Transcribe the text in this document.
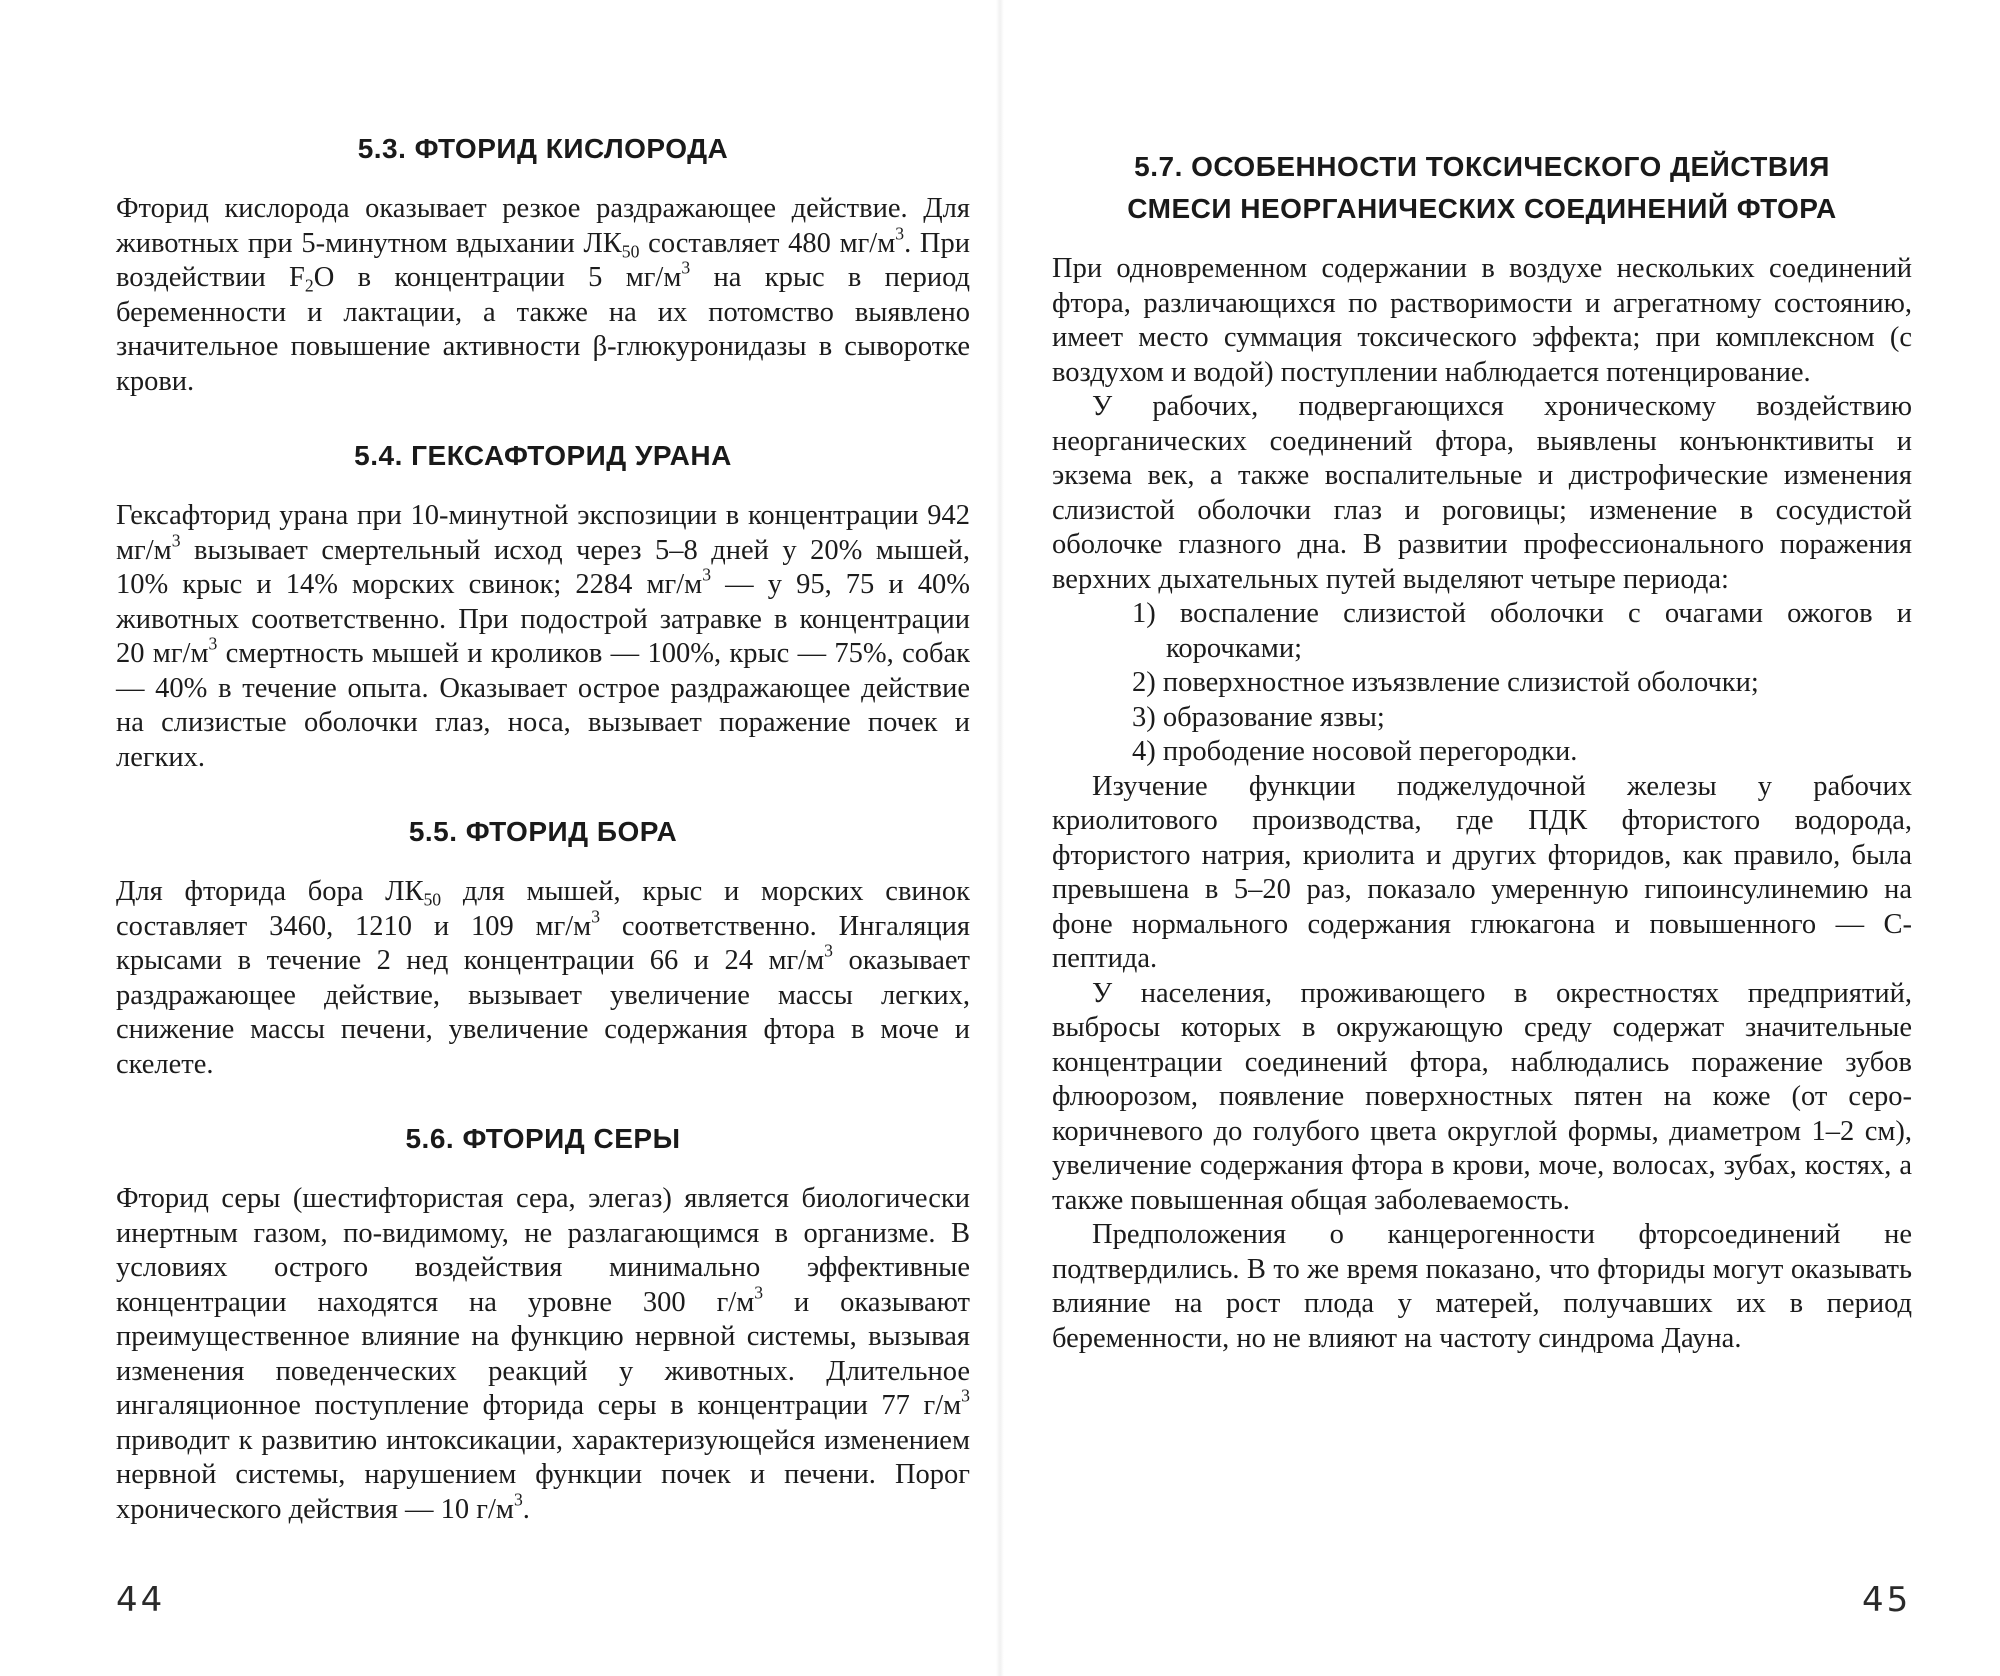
5.3. ФТОРИД КИСЛОРОДА

Фторид кислорода оказывает резкое раздражающее действие. Для животных при 5-минутном вдыхании $ЛК_{50}$ составляет 480 $мг/м^3$. При воздействии $F_2O$ в концентрации 5 $мг/м^3$ на крыс в период беременности и лактации, а также на их потомство выявлено значительное повышение активности β-глюкуронидазы в сыворотке крови.

5.4. ГЕКСАФТОРИД УРАНА

Гексафторид урана при 10-минутной экспозиции в концентрации 942 $мг/м^3$ вызывает смертельный исход через 5–8 дней у 20% мышей, 10% крыс и 14% морских свинок; 2284 $мг/м^3$ — у 95, 75 и 40% животных соответственно. При подострой затравке в концентрации 20 $мг/м^3$ смертность мышей и кроликов — 100%, крыс — 75%, собак — 40% в течение опыта. Оказывает острое раздражающее действие на слизистые оболочки глаз, носа, вызывает поражение почек и легких.

5.5. ФТОРИД БОРА

Для фторида бора $ЛК_{50}$ для мышей, крыс и морских свинок составляет 3460, 1210 и 109 $мг/м^3$ соответственно. Ингаляция крысами в течение 2 нед концентрации 66 и 24 $мг/м^3$ оказывает раздражающее действие, вызывает увеличение массы легких, снижение массы печени, увеличение содержания фтора в моче и скелете.

5.6. ФТОРИД СЕРЫ

Фторид серы (шестифтористая сера, элегаз) является биологически инертным газом, по-видимому, не разлагающимся в организме. В условиях острого воздействия минимально эффективные концентрации находятся на уровне 300 $г/м^3$ и оказывают преимущественное влияние на функцию нервной системы, вызывая изменения поведенческих реакций у животных. Длительное ингаляционное поступление фторида серы в концентрации 77 $г/м^3$ приводит к развитию интоксикации, характеризующейся изменением нервной системы, нарушением функции почек и печени. Порог хронического действия — 10 $г/м^3$.

44
5.7. ОСОБЕННОСТИ ТОКСИЧЕСКОГО ДЕЙСТВИЯ
СМЕСИ НЕОРГАНИЧЕСКИХ СОЕДИНЕНИЙ ФТОРА

При одновременном содержании в воздухе нескольких соединений фтора, различающихся по растворимости и агрегатному состоянию, имеет место суммация токсического эффекта; при комплексном (с воздухом и водой) поступлении наблюдается потенцирование.

У рабочих, подвергающихся хроническому воздействию неорганических соединений фтора, выявлены конъюнктивиты и экзема век, а также воспалительные и дистрофические изменения слизистой оболочки глаз и роговицы; изменение в сосудистой оболочке глазного дна. В развитии профессионального поражения верхних дыхательных путей выделяют четыре периода:

1) воспаление слизистой оболочки с очагами ожогов и корочками;
2) поверхностное изъязвление слизистой оболочки;
3) образование язвы;
4) прободение носовой перегородки.

Изучение функции поджелудочной железы у рабочих криолитового производства, где ПДК фтористого водорода, фтористого натрия, криолита и других фторидов, как правило, была превышена в 5–20 раз, показало умеренную гипоинсулинемию на фоне нормального содержания глюкагона и повышенного — С-пептида.

У населения, проживающего в окрестностях предприятий, выбросы которых в окружающую среду содержат значительные концентрации соединений фтора, наблюдались поражение зубов флюорозом, появление поверхностных пятен на коже (от серо-коричневого до голубого цвета округлой формы, диаметром 1–2 см), увеличение содержания фтора в крови, моче, волосах, зубах, костях, а также повышенная общая заболеваемость.

Предположения о канцерогенности фторсоединений не подтвердились. В то же время показано, что фториды могут оказывать влияние на рост плода у матерей, получавших их в период беременности, но не влияют на частоту синдрома Дауна.

45
